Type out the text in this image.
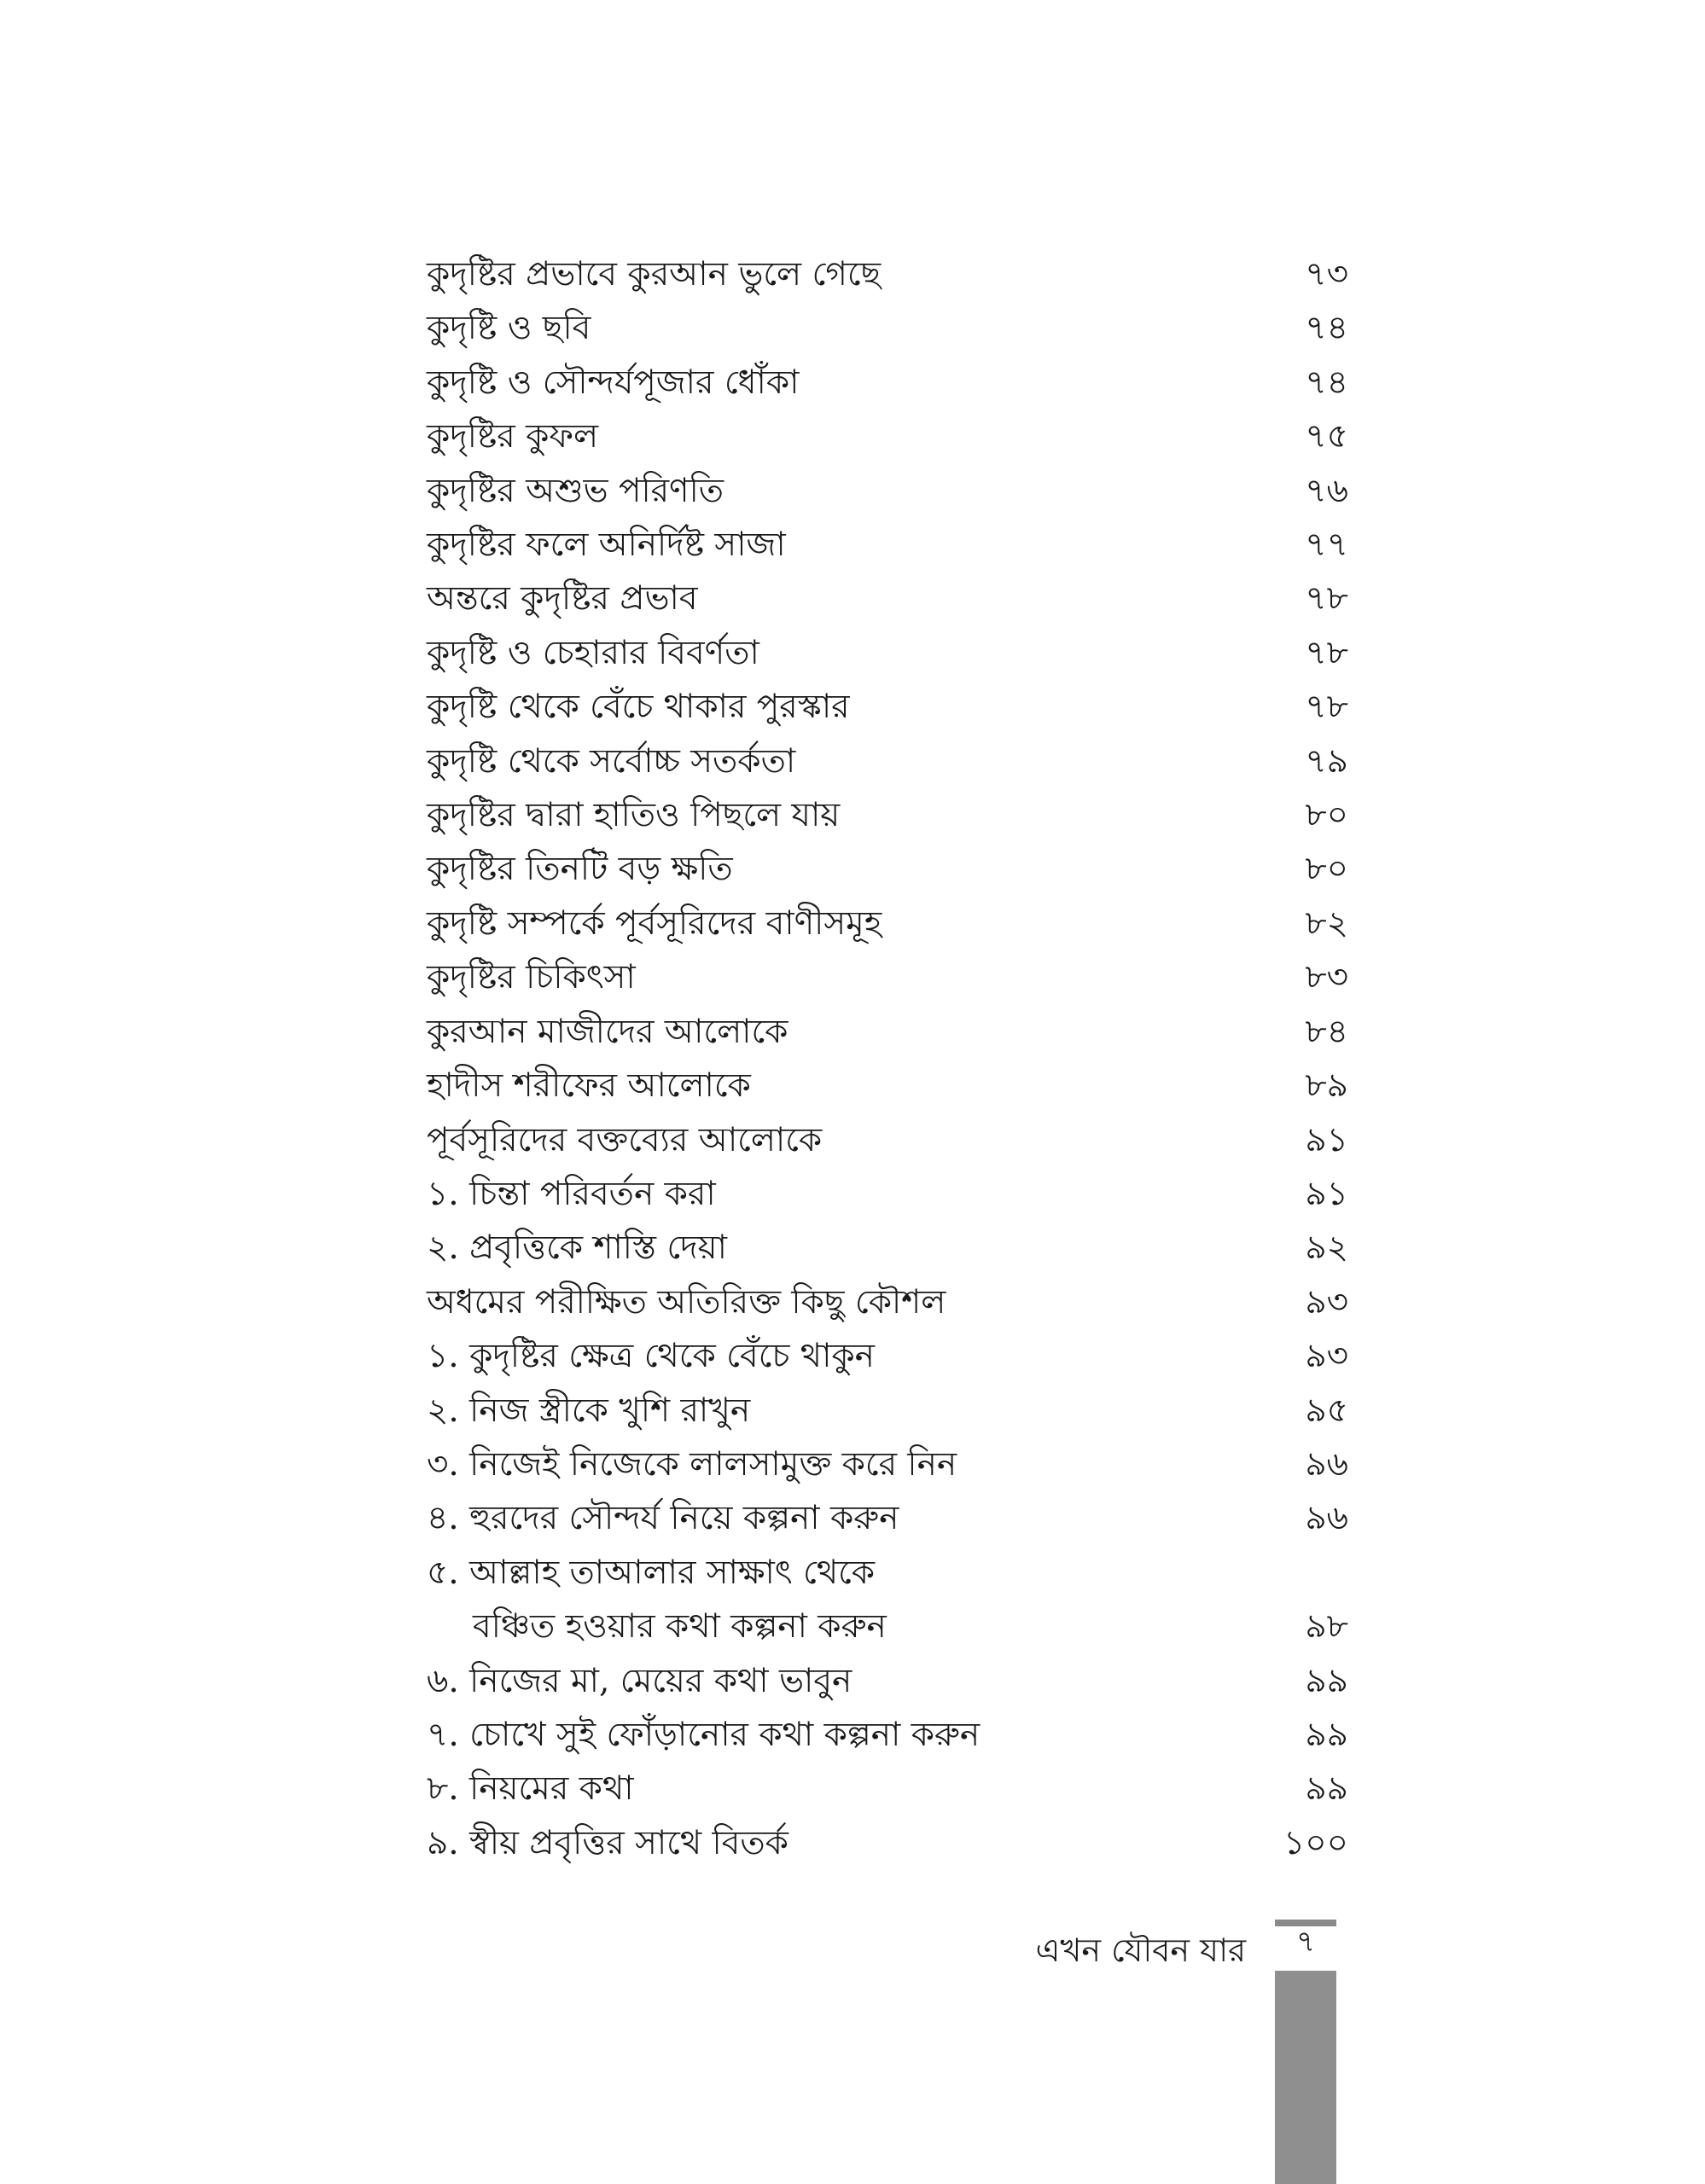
কুদৃষ্টির প্রভাবে কুরআন ভুলে গেছে	৭৩
কুদৃষ্টি ও ছবি	৭৪
কুদৃষ্টি ও সৌন্দর্যপূজার ধোঁকা	৭৪
কুদৃষ্টির কুফল	৭৫
কুদৃষ্টির অশুভ পরিণতি	৭৬
কুদৃষ্টির ফলে অনির্দিষ্ট সাজা	৭৭
অন্তরে কুদৃষ্টির প্রভাব	৭৮
কুদৃষ্টি ও চেহারার বিবর্ণতা	৭৮
কুদৃষ্টি থেকে বেঁচে থাকার পুরস্কার	৭৮
কুদৃষ্টি থেকে সর্বোচ্চ সতর্কতা	৭৯
কুদৃষ্টির দ্বারা হাতিও পিছলে যায়	৮০
কুদৃষ্টির তিনটি বড় ক্ষতি	৮০
কুদৃষ্টি সম্পর্কে পূর্বসূরিদের বাণীসমূহ	৮২
কুদৃষ্টির চিকিৎসা	৮৩
কুরআন মাজীদের আলোকে	৮৪
হাদীস শরীফের আলোকে	৮৯
পূর্বসূরিদের বক্তব্যের আলোকে	৯১
১. চিন্তা পরিবর্তন করা	৯১
২. প্রবৃত্তিকে শাস্তি দেয়া	৯২
অধমের পরীক্ষিত অতিরিক্ত কিছু কৌশল	৯৩
১. কুদৃষ্টির ক্ষেত্র থেকে বেঁচে থাকুন	৯৩
২. নিজ স্ত্রীকে খুশি রাখুন	৯৫
৩. নিজেই নিজেকে লালসামুক্ত করে নিন	৯৬
৪. হুরদের সৌন্দর্য নিয়ে কল্পনা করুন	৯৬
৫. আল্লাহ তাআলার সাক্ষাৎ থেকে
বঞ্চিত হওয়ার কথা কল্পনা করুন	৯৮
৬. নিজের মা, মেয়ের কথা ভাবুন	৯৯
৭. চোখে সুই ফোঁড়ানোর কথা কল্পনা করুন	৯৯
৮. নিয়মের কথা	৯৯
৯. স্বীয় প্রবৃত্তির সাথে বিতর্ক	১০০
এখন যৌবন যার	৭
